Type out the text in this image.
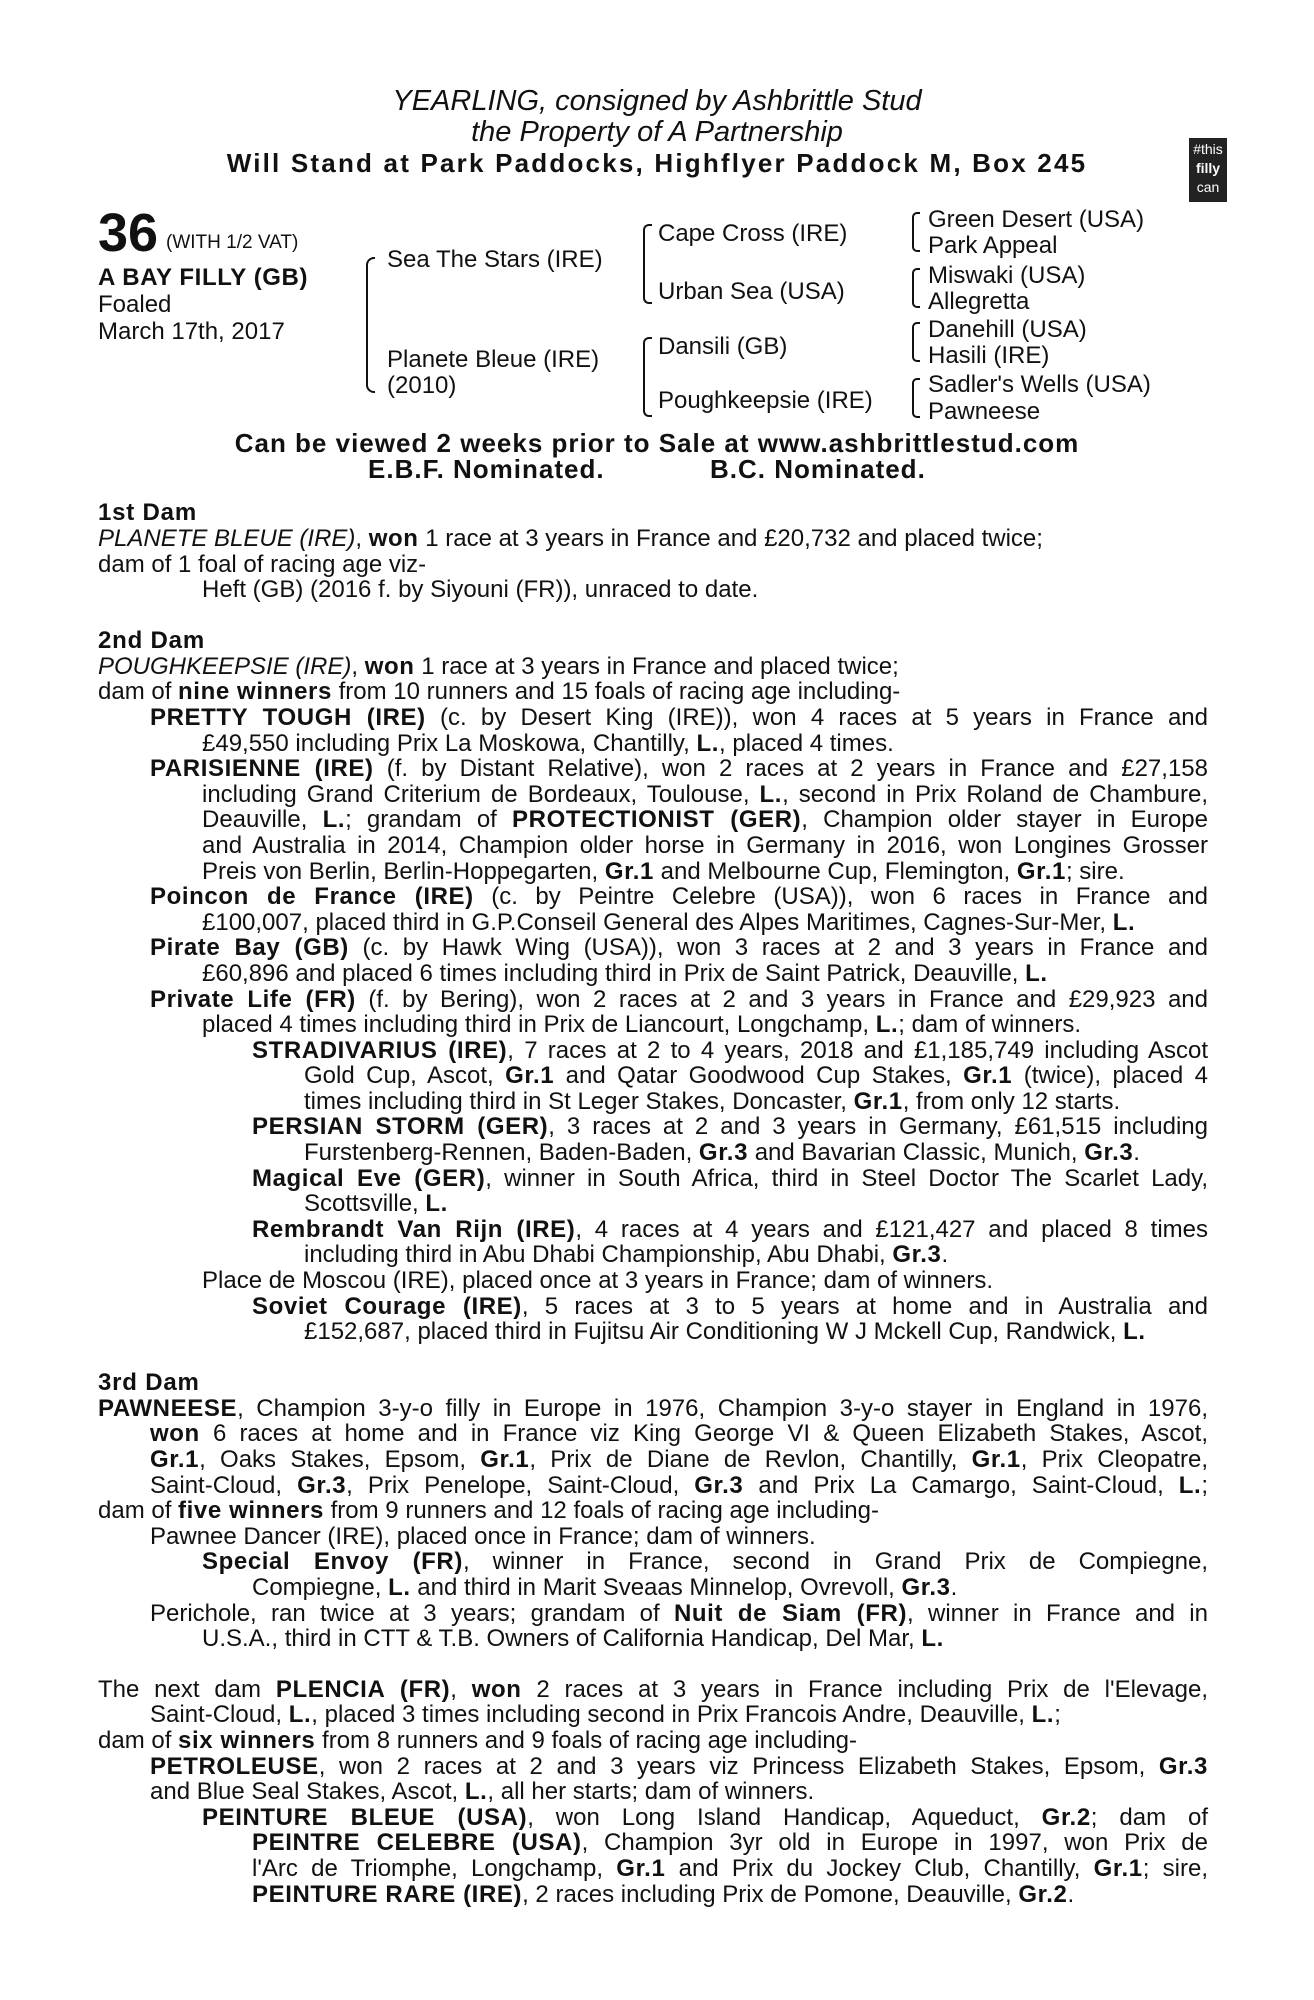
YEARLING, consigned by Ashbrittle Stud
the Property of A Partnership
Will Stand at Park Paddocks, Highflyer Paddock M, Box 245	#this
filly
can
36 (WITH 1/2 VAT)
A BAY FILLY (GB)
Foaled
March 17th, 2017
Sea The Stars (IRE)
Planete Bleue (IRE)
(2010)
Cape Cross (IRE)
Urban Sea (USA)
Dansili (GB)
Poughkeepsie (IRE)
Green Desert (USA)
Park Appeal
Miswaki (USA)
Allegretta
Danehill (USA)
Hasili (IRE)
Sadler's Wells (USA)
Pawneese
Can be viewed 2 weeks prior to Sale at www.ashbrittlestud.com
E.B.F. Nominated.	B.C. Nominated.
1st Dam
PLANETE BLEUE (IRE), won 1 race at 3 years in France and £20,732 and placed twice;
dam of 1 foal of racing age viz-
Heft (GB) (2016 f. by Siyouni (FR)), unraced to date.
2nd Dam
POUGHKEEPSIE (IRE), won 1 race at 3 years in France and placed twice;
dam of nine winners from 10 runners and 15 foals of racing age including-
PRETTY TOUGH (IRE) (c. by Desert King (IRE)), won 4 races at 5 years in France and
£49,550 including Prix La Moskowa, Chantilly, L., placed 4 times.
PARISIENNE (IRE) (f. by Distant Relative), won 2 races at 2 years in France and £27,158
including Grand Criterium de Bordeaux, Toulouse, L., second in Prix Roland de Chambure,
Deauville, L.; grandam of PROTECTIONIST (GER), Champion older stayer in Europe
and Australia in 2014, Champion older horse in Germany in 2016, won Longines Grosser
Preis von Berlin, Berlin-Hoppegarten, Gr.1 and Melbourne Cup, Flemington, Gr.1; sire.
Poincon de France (IRE) (c. by Peintre Celebre (USA)), won 6 races in France and
£100,007, placed third in G.P.Conseil General des Alpes Maritimes, Cagnes-Sur-Mer, L.
Pirate Bay (GB) (c. by Hawk Wing (USA)), won 3 races at 2 and 3 years in France and
£60,896 and placed 6 times including third in Prix de Saint Patrick, Deauville, L.
Private Life (FR) (f. by Bering), won 2 races at 2 and 3 years in France and £29,923 and
placed 4 times including third in Prix de Liancourt, Longchamp, L.; dam of winners.
STRADIVARIUS (IRE), 7 races at 2 to 4 years, 2018 and £1,185,749 including Ascot
Gold Cup, Ascot, Gr.1 and Qatar Goodwood Cup Stakes, Gr.1 (twice), placed 4
times including third in St Leger Stakes, Doncaster, Gr.1, from only 12 starts.
PERSIAN STORM (GER), 3 races at 2 and 3 years in Germany, £61,515 including
Furstenberg-Rennen, Baden-Baden, Gr.3 and Bavarian Classic, Munich, Gr.3.
Magical Eve (GER), winner in South Africa, third in Steel Doctor The Scarlet Lady,
Scottsville, L.
Rembrandt Van Rijn (IRE), 4 races at 4 years and £121,427 and placed 8 times
including third in Abu Dhabi Championship, Abu Dhabi, Gr.3.
Place de Moscou (IRE), placed once at 3 years in France; dam of winners.
Soviet Courage (IRE), 5 races at 3 to 5 years at home and in Australia and
£152,687, placed third in Fujitsu Air Conditioning W J Mckell Cup, Randwick, L.
3rd Dam
PAWNEESE, Champion 3-y-o filly in Europe in 1976, Champion 3-y-o stayer in England in 1976,
won 6 races at home and in France viz King George VI & Queen Elizabeth Stakes, Ascot,
Gr.1, Oaks Stakes, Epsom, Gr.1, Prix de Diane de Revlon, Chantilly, Gr.1, Prix Cleopatre,
Saint-Cloud, Gr.3, Prix Penelope, Saint-Cloud, Gr.3 and Prix La Camargo, Saint-Cloud, L.;
dam of five winners from 9 runners and 12 foals of racing age including-
Pawnee Dancer (IRE), placed once in France; dam of winners.
Special Envoy (FR), winner in France, second in Grand Prix de Compiegne,
Compiegne, L. and third in Marit Sveaas Minnelop, Ovrevoll, Gr.3.
Perichole, ran twice at 3 years; grandam of Nuit de Siam (FR), winner in France and in
U.S.A., third in CTT & T.B. Owners of California Handicap, Del Mar, L.
The next dam PLENCIA (FR), won 2 races at 3 years in France including Prix de l'Elevage,
Saint-Cloud, L., placed 3 times including second in Prix Francois Andre, Deauville, L.;
dam of six winners from 8 runners and 9 foals of racing age including-
PETROLEUSE, won 2 races at 2 and 3 years viz Princess Elizabeth Stakes, Epsom, Gr.3
and Blue Seal Stakes, Ascot, L., all her starts; dam of winners.
PEINTURE BLEUE (USA), won Long Island Handicap, Aqueduct, Gr.2; dam of
PEINTRE CELEBRE (USA), Champion 3yr old in Europe in 1997, won Prix de
l'Arc de Triomphe, Longchamp, Gr.1 and Prix du Jockey Club, Chantilly, Gr.1; sire,
PEINTURE RARE (IRE), 2 races including Prix de Pomone, Deauville, Gr.2.
